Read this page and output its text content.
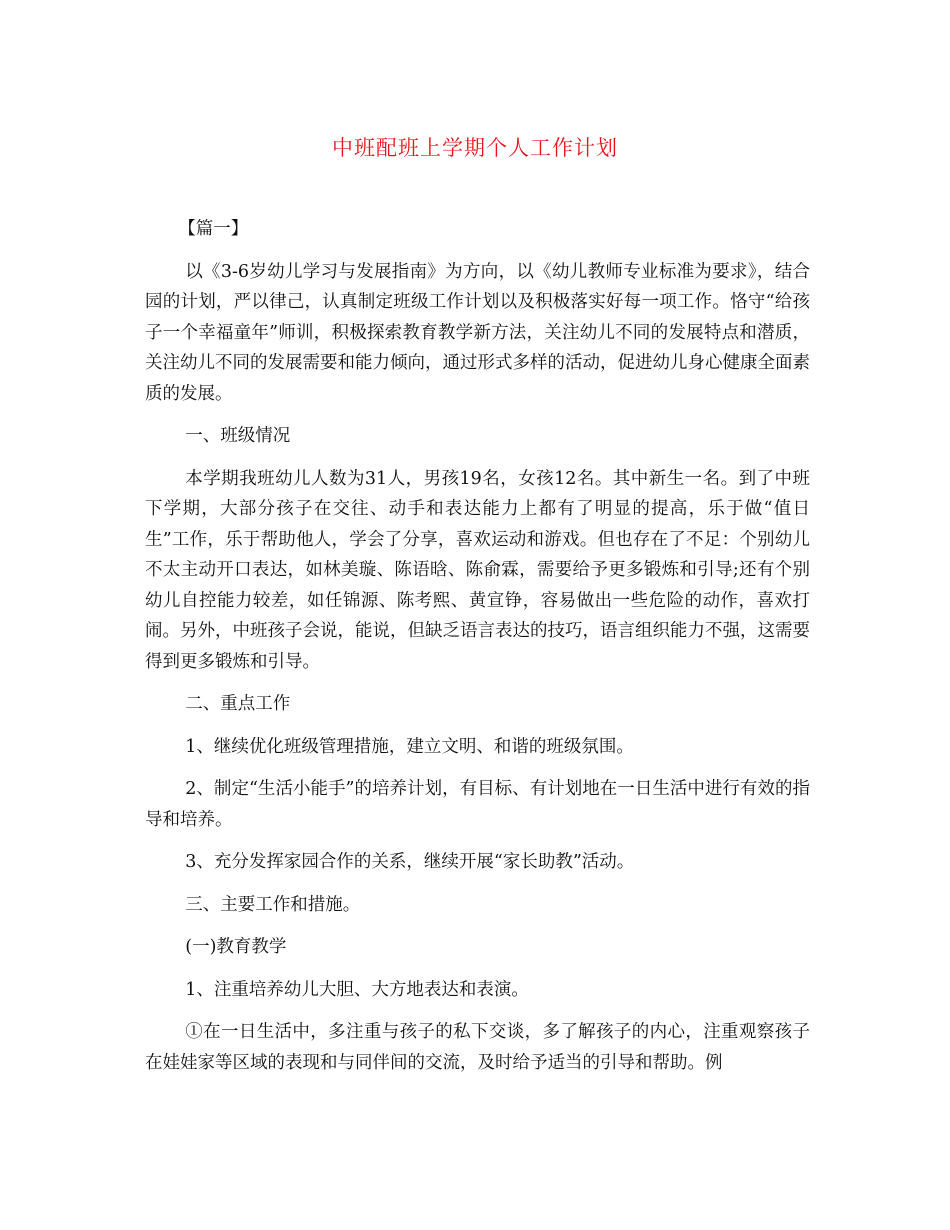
中班配班上学期个人工作计划

【篇一】

以《3-6岁幼儿学习与发展指南》为方向，以《幼儿教师专业标准为要求》，结合园的计划，严以律己，认真制定班级工作计划以及积极落实好每一项工作。恪守“给孩子一个幸福童年”师训，积极探索教育教学新方法，关注幼儿不同的发展特点和潜质，关注幼儿不同的发展需要和能力倾向，通过形式多样的活动，促进幼儿身心健康全面素质的发展。

一、班级情况

本学期我班幼儿人数为31人，男孩19名，女孩12名。其中新生一名。到了中班下学期，大部分孩子在交往、动手和表达能力上都有了明显的提高，乐于做“值日生”工作，乐于帮助他人，学会了分享，喜欢运动和游戏。但也存在了不足：个别幼儿不太主动开口表达，如林美璇、陈语晗、陈俞霖，需要给予更多锻炼和引导;还有个别幼儿自控能力较差，如任锦源、陈考熙、黄宣铮，容易做出一些危险的动作，喜欢打闹。另外，中班孩子会说，能说，但缺乏语言表达的技巧，语言组织能力不强，这需要得到更多锻炼和引导。

二、重点工作

1、继续优化班级管理措施，建立文明、和谐的班级氛围。

2、制定“生活小能手”的培养计划，有目标、有计划地在一日生活中进行有效的指导和培养。

3、充分发挥家园合作的关系，继续开展“家长助教”活动。

三、主要工作和措施。

(一)教育教学

1、注重培养幼儿大胆、大方地表达和表演。

①在一日生活中，多注重与孩子的私下交谈，多了解孩子的内心，注重观察孩子在娃娃家等区域的表现和与同伴间的交流，及时给予适当的引导和帮助。例
